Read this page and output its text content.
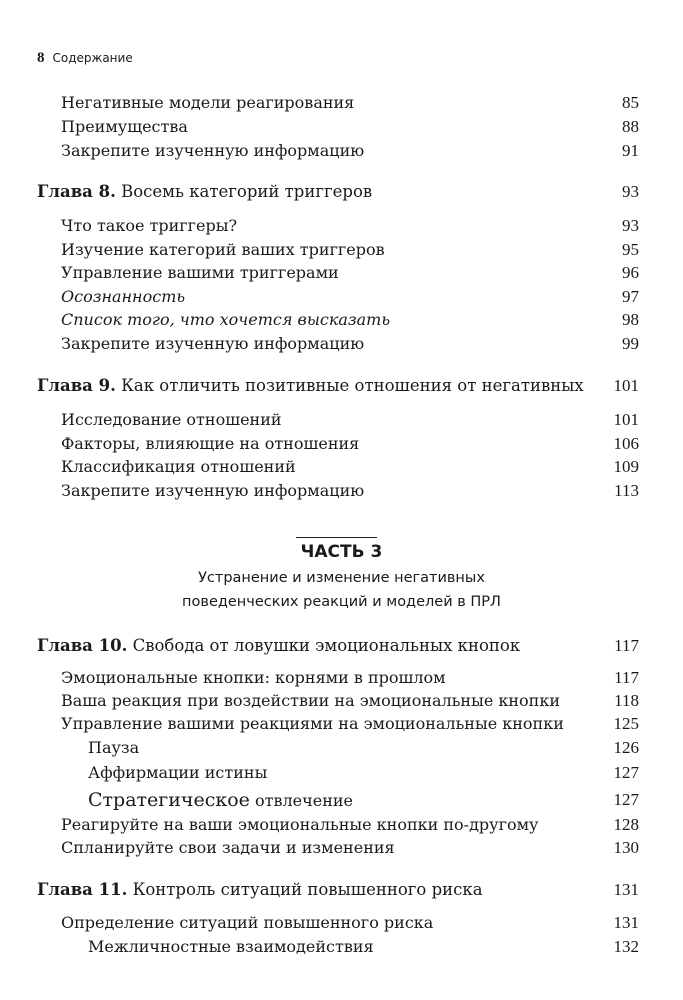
8 Содержание
Негативные модели реагирования	85
Преимущества	88
Закрепите изученную информацию	91
Глава 8. Восемь категорий триггеров	93
Что такое триггеры?	93
Изучение категорий ваших триггеров	95
Управление вашими триггерами	96
Осознанность	97
Список того, что хочется высказать	98
Закрепите изученную информацию	99
Глава 9. Как отличить позитивные отношения от негативных 101
Исследование отношений	101
Факторы, влияющие на отношения	106
Классификация отношений	109
Закрепите изученную информацию	113
ЧАСТЬ 3
Устранение и изменение негативных
поведенческих реакций и моделей в ПРЛ
Глава 10. Свобода от ловушки эмоциональных кнопок	117
Эмоциональные кнопки: корнями в прошлом	117
Ваша реакция при воздействии на эмоциональные кнопки	118
Управление вашими реакциями на эмоциональные кнопки	125
Пауза	126
Аффирмации истины	127
Стратегическое отвлечение	127
Реагируйте на ваши эмоциональные кнопки по-другому	128
Спланируйте свои задачи и изменения	130
Глава 11. Контроль ситуаций повышенного риска	131
Определение ситуаций повышенного риска	131
Межличностные взаимодействия	132
